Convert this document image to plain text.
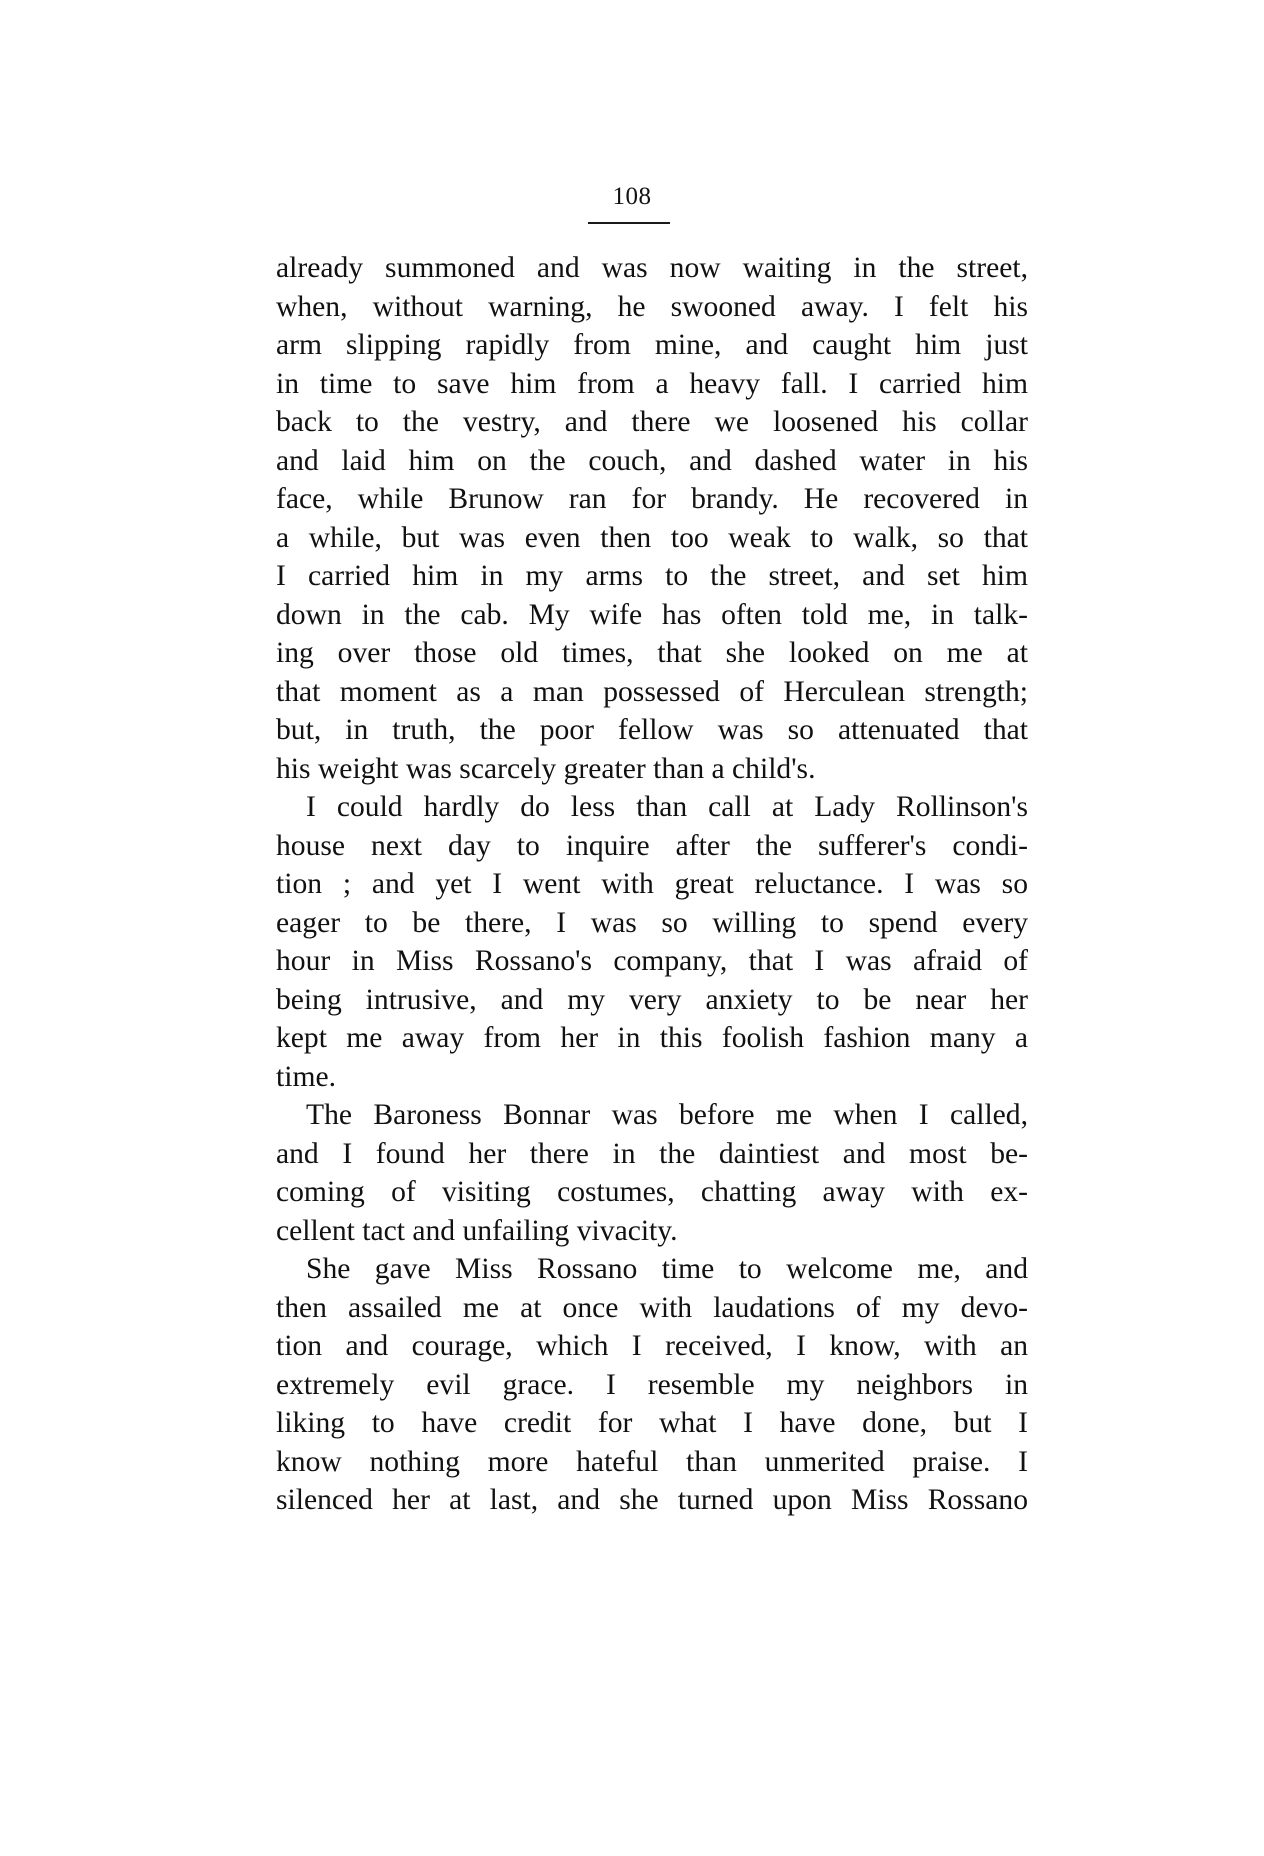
108
already summoned and was now waiting in the street,
when, without warning, he swooned away. I felt his
arm slipping rapidly from mine, and caught him just
in time to save him from a heavy fall. I carried him
back to the vestry, and there we loosened his collar
and laid him on the couch, and dashed water in his
face, while Brunow ran for brandy. He recovered in
a while, but was even then too weak to walk, so that
I carried him in my arms to the street, and set him
down in the cab. My wife has often told me, in talk-
ing over those old times, that she looked on me at
that moment as a man possessed of Herculean strength;
but, in truth, the poor fellow was so attenuated that
his weight was scarcely greater than a child's.
I could hardly do less than call at Lady Rollinson's
house next day to inquire after the sufferer's condi-
tion ; and yet I went with great reluctance. I was so
eager to be there, I was so willing to spend every
hour in Miss Rossano's company, that I was afraid of
being intrusive, and my very anxiety to be near her
kept me away from her in this foolish fashion many a
time.
The Baroness Bonnar was before me when I called,
and I found her there in the daintiest and most be-
coming of visiting costumes, chatting away with ex-
cellent tact and unfailing vivacity.
She gave Miss Rossano time to welcome me, and
then assailed me at once with laudations of my devo-
tion and courage, which I received, I know, with an
extremely evil grace. I resemble my neighbors in
liking to have credit for what I have done, but I
know nothing more hateful than unmerited praise. I
silenced her at last, and she turned upon Miss Rossano
